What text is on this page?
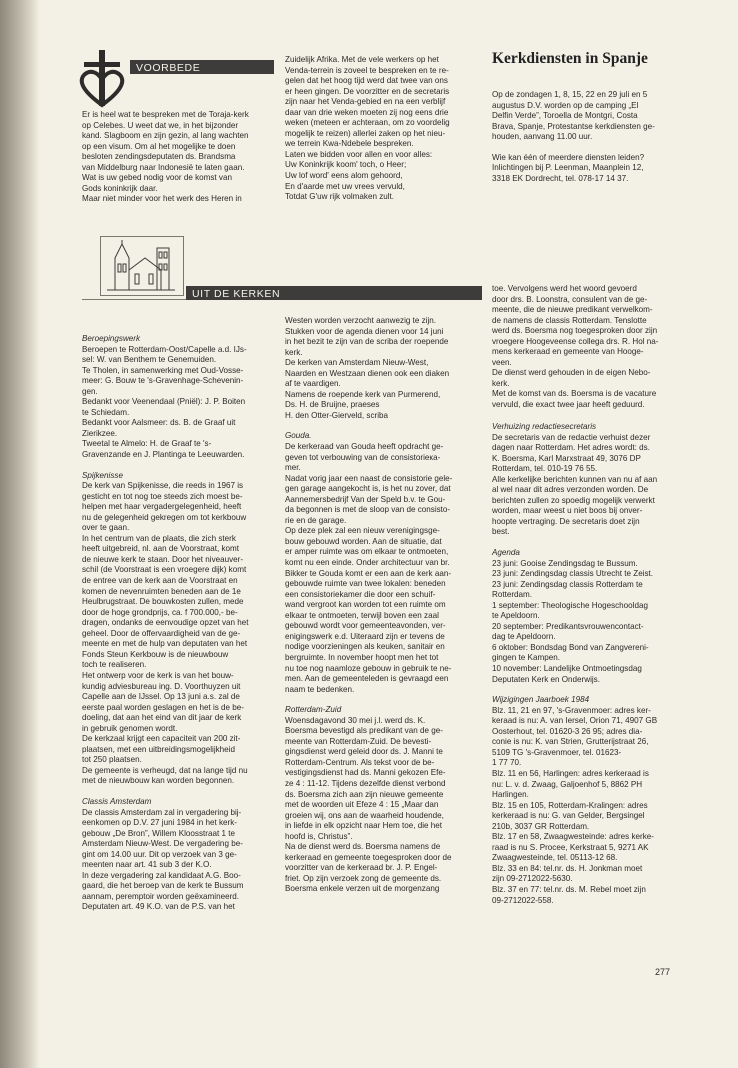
VOORBEDE

Er is heel wat te bespreken met de Toraja-kerk

op Celebes. U weet dat we, in het bijzonder

kand. Slagboom en zijn gezin, al lang wachten

op een visum. Om al het mogelijke te doen

besloten zendingsdeputaten ds. Brandsma

van Middelburg naar Indonesië te laten gaan.

Wat is uw gebed nodig voor de komst van

Gods koninkrijk daar.

Maar niet minder voor het werk des Heren in

Zuidelijk Afrika. Met de vele werkers op het

Venda-terrein is zoveel te bespreken en te re-

gelen dat het hoog tijd werd dat twee van ons

er heen gingen. De voorzitter en de secretaris

zijn naar het Venda-gebied en na een verblijf

daar van drie weken moeten zij nog eens drie

weken (meteen er achteraan, om zo voordelig

mogelijk te reizen) allerlei zaken op het nieu-

we terrein Kwa-Ndebele bespreken.

Laten we bidden voor allen en voor alles:

Uw Koninkrijk koom' toch, o Heer;

Uw lof word' eens alom gehoord,

En d'aarde met uw vrees vervuld,

Totdat G'uw rijk volmaken zult.

Kerkdiensten in Spanje

Op de zondagen 1, 8, 15, 22 en 29 juli en 5

augustus D.V. worden op de camping „El

Delfin Verde”, Toroella de Montgri, Costa

Brava, Spanje, Protestantse kerkdiensten ge-

houden, aanvang 11.00 uur.

Wie kan één of meerdere diensten leiden?

Inlichtingen bij P. Leenman, Maanplein 12,

3318 EK Dordrecht, tel. 078-17 14 37.

UIT DE KERKEN

Beroepingswerk

Beroepen te Rotterdam-Oost/Capelle a.d. IJs-

sel: W. van Benthem te Genemuiden.

Te Tholen, in samenwerking met Oud-Vosse-

meer: G. Bouw te 's-Gravenhage-Schevenin-

gen.

Bedankt voor Veenendaal (Pniël): J. P. Boiten

te Schiedam.

Bedankt voor Aalsmeer: ds. B. de Graaf uit

Zierikzee.

Tweetal te Almelo: H. de Graaf te 's-

Gravenzande en J. Plantinga te Leeuwarden.

Spijkenisse

De kerk van Spijkenisse, die reeds in 1967 is

gesticht en tot nog toe steeds zich moest be-

helpen met haar vergadergelegenheid, heeft

nu de gelegenheid gekregen om tot kerkbouw

over te gaan.

In het centrum van de plaats, die zich sterk

heeft uitgebreid, nl. aan de Voorstraat, komt

de nieuwe kerk te staan. Door het niveauver-

schil (de Voorstraat is een vroegere dijk) komt

de entree van de kerk aan de Voorstraat en

komen de nevenruimten beneden aan de 1e

Heulbrugstraat. De bouwkosten zullen, mede

door de hoge grondprijs, ca. f 700.000,- be-

dragen, ondanks de eenvoudige opzet van het

geheel. Door de offervaardigheid van de ge-

meente en met de hulp van deputaten van het

Fonds Steun Kerkbouw is de nieuwbouw

toch te realiseren.

Het ontwerp voor de kerk is van het bouw-

kundig adviesbureau ing. D. Voorthuyzen uit

Capelle aan de IJssel. Op 13 juni a.s. zal de

eerste paal worden geslagen en het is de be-

doeling, dat aan het eind van dit jaar de kerk

in gebruik genomen wordt.

De kerkzaal krijgt een capaciteit van 200 zit-

plaatsen, met een uitbreidingsmogelijkheid

tot 250 plaatsen.

De gemeente is verheugd, dat na lange tijd nu

met de nieuwbouw kan worden begonnen.

Classis Amsterdam

De classis Amsterdam zal in vergadering bij-

eenkomen op D.V. 27 juni 1984 in het kerk-

gebouw „De Bron”, Willem Kloosstraat 1 te

Amsterdam Nieuw-West. De vergadering be-

gint om 14.00 uur. Dit op verzoek van 3 ge-

meenten naar art. 41 sub 3 der K.O.

In deze vergadering zal kandidaat A.G. Boo-

gaard, die het beroep van de kerk te Bussum

aannam, peremptoir worden geëxamineerd.

Deputaten art. 49 K.O. van de P.S. van het

Westen worden verzocht aanwezig te zijn.

Stukken voor de agenda dienen voor 14 juni

in het bezit te zijn van de scriba der roepende

kerk.

De kerken van Amsterdam Nieuw-West,

Naarden en Westzaan dienen ook een diaken

af te vaardigen.

Namens de roepende kerk van Purmerend,

Ds. H. de Bruijne, praeses

H. den Otter-Gierveld, scriba

Gouda.

De kerkeraad van Gouda heeft opdracht ge-

geven tot verbouwing van de consistoriека-

mer.

Nadat vorig jaar een naast de consistorie gele-

gen garage aangekocht is, is het nu zover, dat

Aannemersbedrijf Van der Speld b.v. te Gou-

da begonnen is met de sloop van de consisto-

rie en de garage.

Op deze plek zal een nieuw verenigingsge-

bouw gebouwd worden. Aan de situatie, dat

er amper ruimte was om elkaar te ontmoeten,

komt nu een einde. Onder architectuur van br.

Bikker te Gouda komt er een aan de kerk aan-

gebouwde ruimte van twee lokalen: beneden

een consistoriekamer die door een schuif-

wand vergroot kan worden tot een ruimte om

elkaar te ontmoeten, terwijl boven een zaal

gebouwd wordt voor gemeenteavonden, ver-

enigingswerk e.d. Uiteraard zijn er tevens de

nodige voorzieningen als keuken, sanitair en

bergruimte. In november hoopt men het tot

nu toe nog naamloze gebouw in gebruik te ne-

men. Aan de gemeenteleden is gevraagd een

naam te bedenken.

Rotterdam-Zuid

Woensdagavond 30 mei j.l. werd ds. K.

Boersma bevestigd als predikant van de ge-

meente van Rotterdam-Zuid. De bevesti-

gingsdienst werd geleid door ds. J. Manni te

Rotterdam-Centrum. Als tekst voor de be-

vestigingsdienst had ds. Manni gekozen Efe-

ze 4 : 11-12. Tijdens dezelfde dienst verbond

ds. Boersma zich aan zijn nieuwe gemeente

met de woorden uit Efeze 4 : 15 „Maar dan

groeien wij, ons aan de waarheid houdende,

in liefde in elk opzicht naar Hem toe, die het

hoofd is, Christus”.

Na de dienst werd ds. Boersma namens de

kerkeraad en gemeente toegesproken door de

voorzitter van de kerkeraad br. J. P. Engel-

friet. Op zijn verzoek zong de gemeente ds.

Boersma enkele verzen uit de morgenzang

toe. Vervolgens werd het woord gevoerd

door drs. B. Loonstra, consulent van de ge-

meente, die de nieuwe predikant verwelkom-

de namens de classis Rotterdam. Tenslotte

werd ds. Boersma nog toegesproken door zijn

vroegere Hoogeveense collega drs. R. Hol na-

mens kerkeraad en gemeente van Hooge-

veen.

De dienst werd gehouden in de eigen Nebo-

kerk.

Met de komst van ds. Boersma is de vacature

vervuld, die exact twee jaar heeft geduurd.

Verhuizing redactiesecretaris

De secretaris van de redactie verhuist dezer

dagen naar Rotterdam. Het adres wordt: ds.

K. Boersma, Karl Marxstraat 49, 3076 DP

Rotterdam, tel. 010-19 76 55.

Alle kerkelijke berichten kunnen van nu af aan

al wel naar dit adres verzonden worden. De

berichten zullen zo spoedig mogelijk verwerkt

worden, maar weest u niet boos bij onver-

hoopte vertraging. De secretaris doet zijn

best.

Agenda

23 juni: Gooise Zendingsdag te Bussum.

23 juni: Zendingsdag classis Utrecht te Zeist.

23 juni: Zendingsdag classis Rotterdam te

Rotterdam.

1 september: Theologische Hogeschooldag

te Apeldoorn.

20 september: Predikantsvrouwencontact-

dag te Apeldoorn.

6 oktober: Bondsdag Bond van Zangvereni-

gingen te Kampen.

10 november: Landelijke Ontmoetingsdag

Deputaten Kerk en Onderwijs.

Wijzigingen Jaarboek 1984

Blz. 11, 21 en 97, 's-Gravenmoer: adres ker-

keraad is nu: A. van Iersel, Orion 71, 4907 GB

Oosterhout, tel. 01620-3 26 95; adres dia-

conie is nu: K. van Strien, Grutterijstraat 26,

5109 TG 's-Gravenmoer, tel. 01623-

1 77 70.

Blz. 11 en 56, Harlingen: adres kerkeraad is

nu: L. v. d. Zwaag, Galjoenhof 5, 8862 PH

Harlingen.

Blz. 15 en 105, Rotterdam-Kralingen: adres

kerkeraad is nu: G. van Gelder, Bergsingel

210b, 3037 GR Rotterdam.

Blz. 17 en 58, Zwaagwesteinde: adres kerke-

raad is nu S. Procee, Kerkstraat 5, 9271 AK

Zwaagwesteinde, tel. 05113-12 68.

Blz. 33 en 84: tel.nr. ds. H. Jonkman moet

zijn 09-2712022-5630.

Blz. 37 en 77: tel.nr. ds. M. Rebel moet zijn

09-2712022-558.

277
